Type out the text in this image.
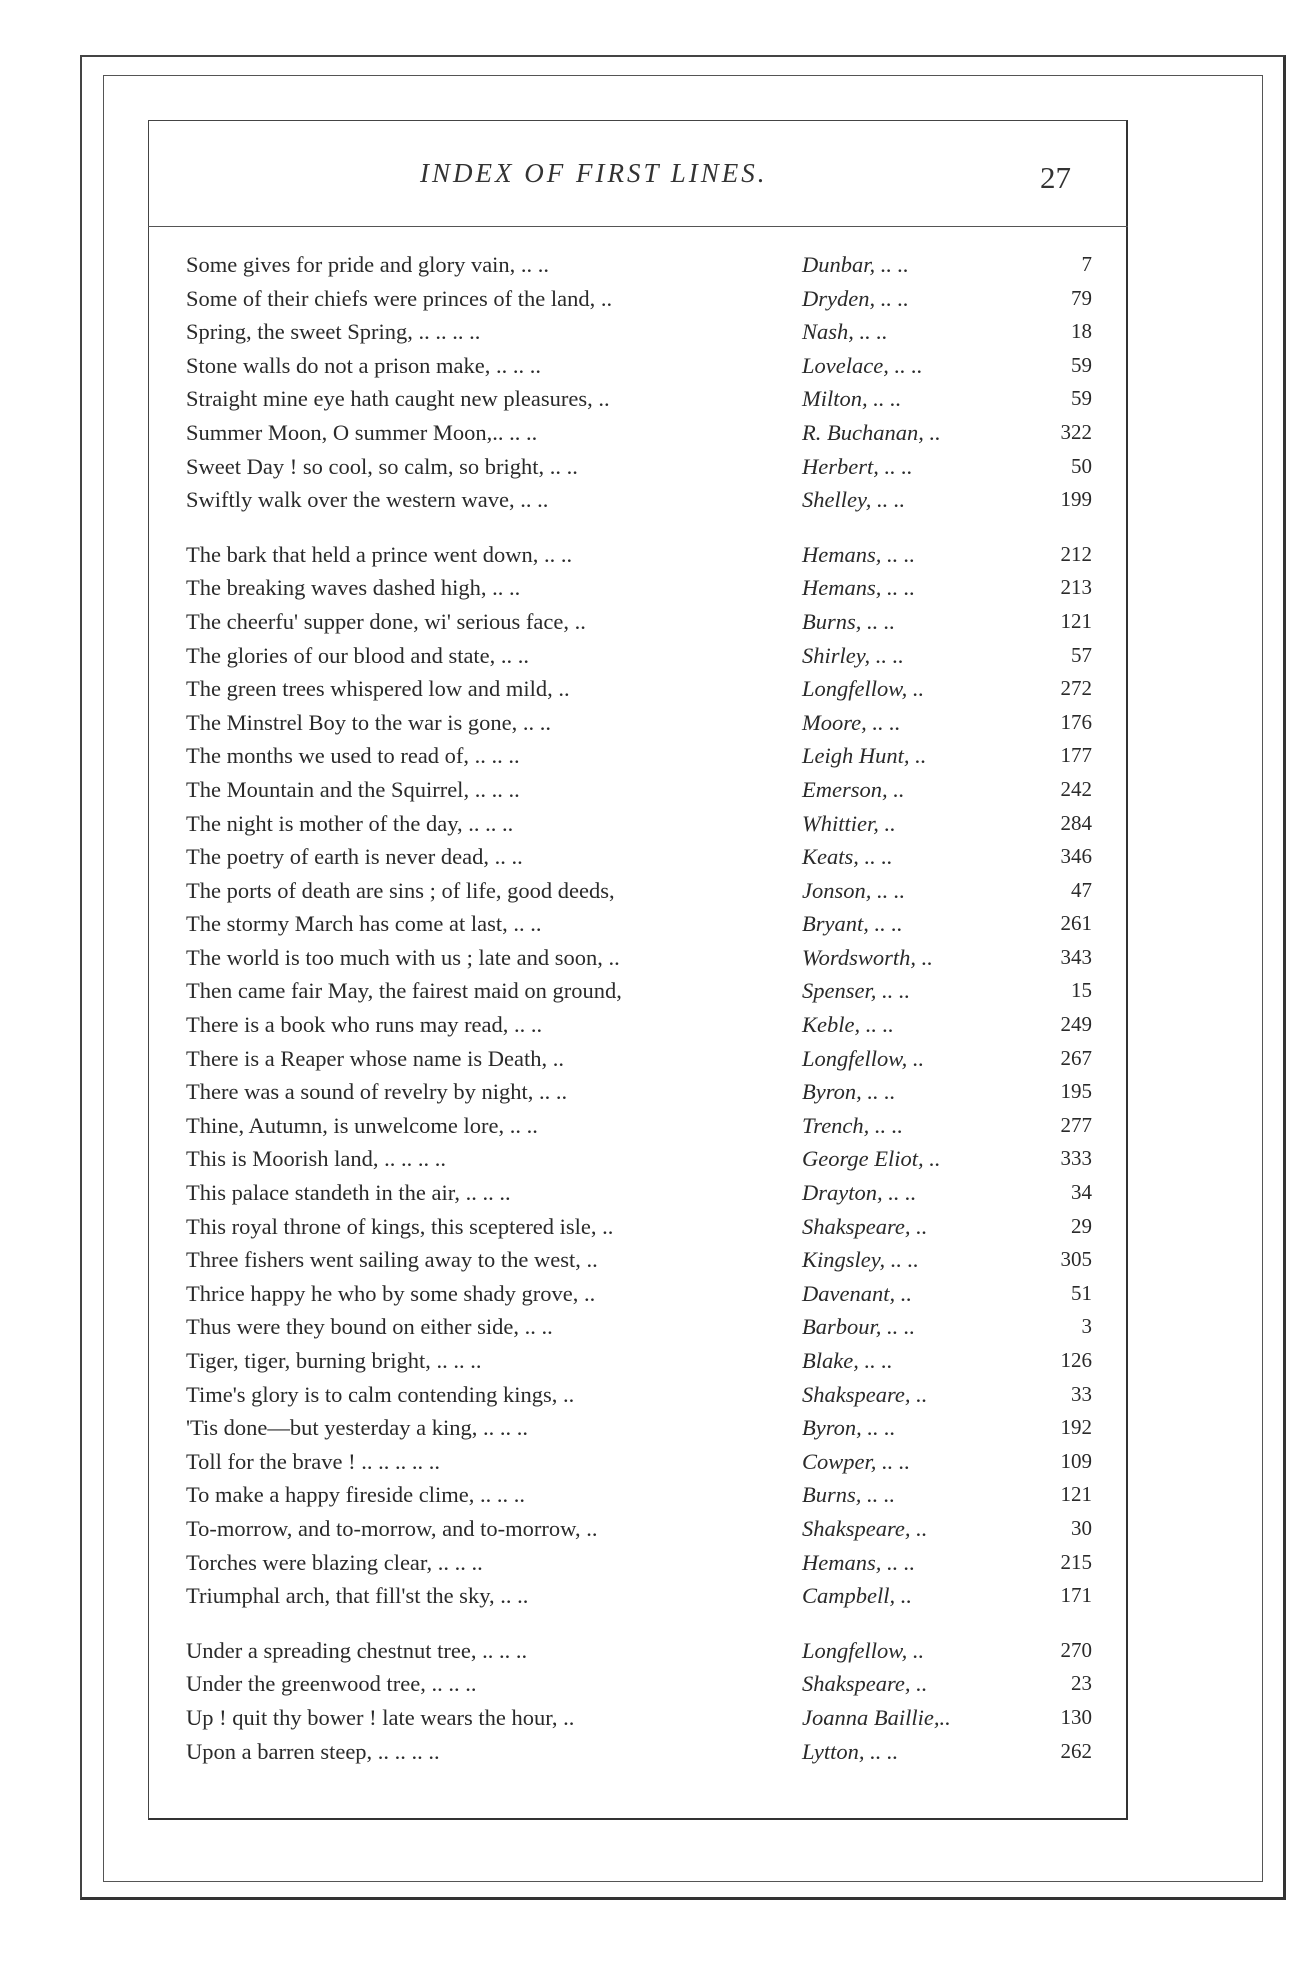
INDEX OF FIRST LINES.	27
Some gives for pride and glory vain, .. ..	Dunbar, .. ..	7
Some of their chiefs were princes of the land, ..	Dryden, .. ..	79
Spring, the sweet Spring, .. .. .. ..	Nash, .. ..	18
Stone walls do not a prison make, .. .. ..	Lovelace, .. ..	59
Straight mine eye hath caught new pleasures, ..	Milton, .. ..	59
Summer Moon, O summer Moon,.. .. ..	R. Buchanan, ..	322
Sweet Day ! so cool, so calm, so bright, .. ..	Herbert, .. ..	50
Swiftly walk over the western wave, .. ..	Shelley, .. ..	199
The bark that held a prince went down, .. ..	Hemans, .. ..	212
The breaking waves dashed high, .. ..	Hemans, .. ..	213
The cheerfu' supper done, wi' serious face, ..	Burns, .. ..	121
The glories of our blood and state, .. ..	Shirley, .. ..	57
The green trees whispered low and mild, ..	Longfellow, ..	272
The Minstrel Boy to the war is gone, .. ..	Moore, .. ..	176
The months we used to read of, .. .. ..	Leigh Hunt, ..	177
The Mountain and the Squirrel, .. .. ..	Emerson, ..	242
The night is mother of the day, .. .. ..	Whittier, ..	284
The poetry of earth is never dead, .. ..	Keats, .. ..	346
The ports of death are sins ; of life, good deeds,	Jonson, .. ..	47
The stormy March has come at last, .. ..	Bryant, .. ..	261
The world is too much with us ; late and soon, ..	Wordsworth, ..	343
Then came fair May, the fairest maid on ground,	Spenser, .. ..	15
There is a book who runs may read, .. ..	Keble, .. ..	249
There is a Reaper whose name is Death, ..	Longfellow, ..	267
There was a sound of revelry by night, .. ..	Byron, .. ..	195
Thine, Autumn, is unwelcome lore, .. ..	Trench, .. ..	277
This is Moorish land, .. .. .. ..	George Eliot, ..	333
This palace standeth in the air, .. .. ..	Drayton, .. ..	34
This royal throne of kings, this sceptered isle, ..	Shakspeare, ..	29
Three fishers went sailing away to the west, ..	Kingsley, .. ..	305
Thrice happy he who by some shady grove, ..	Davenant, ..	51
Thus were they bound on either side, .. ..	Barbour, .. ..	3
Tiger, tiger, burning bright, .. .. ..	Blake, .. ..	126
Time's glory is to calm contending kings, ..	Shakspeare, ..	33
'Tis done—but yesterday a king, .. .. ..	Byron, .. ..	192
Toll for the brave ! .. .. .. .. ..	Cowper, .. ..	109
To make a happy fireside clime, .. .. ..	Burns, .. ..	121
To-morrow, and to-morrow, and to-morrow, ..	Shakspeare, ..	30
Torches were blazing clear, .. .. ..	Hemans, .. ..	215
Triumphal arch, that fill'st the sky, .. ..	Campbell, ..	171
Under a spreading chestnut tree, .. .. ..	Longfellow, ..	270
Under the greenwood tree, .. .. ..	Shakspeare, ..	23
Up ! quit thy bower ! late wears the hour, ..	Joanna Baillie,..	130
Upon a barren steep, .. .. .. ..	Lytton, .. ..	262
